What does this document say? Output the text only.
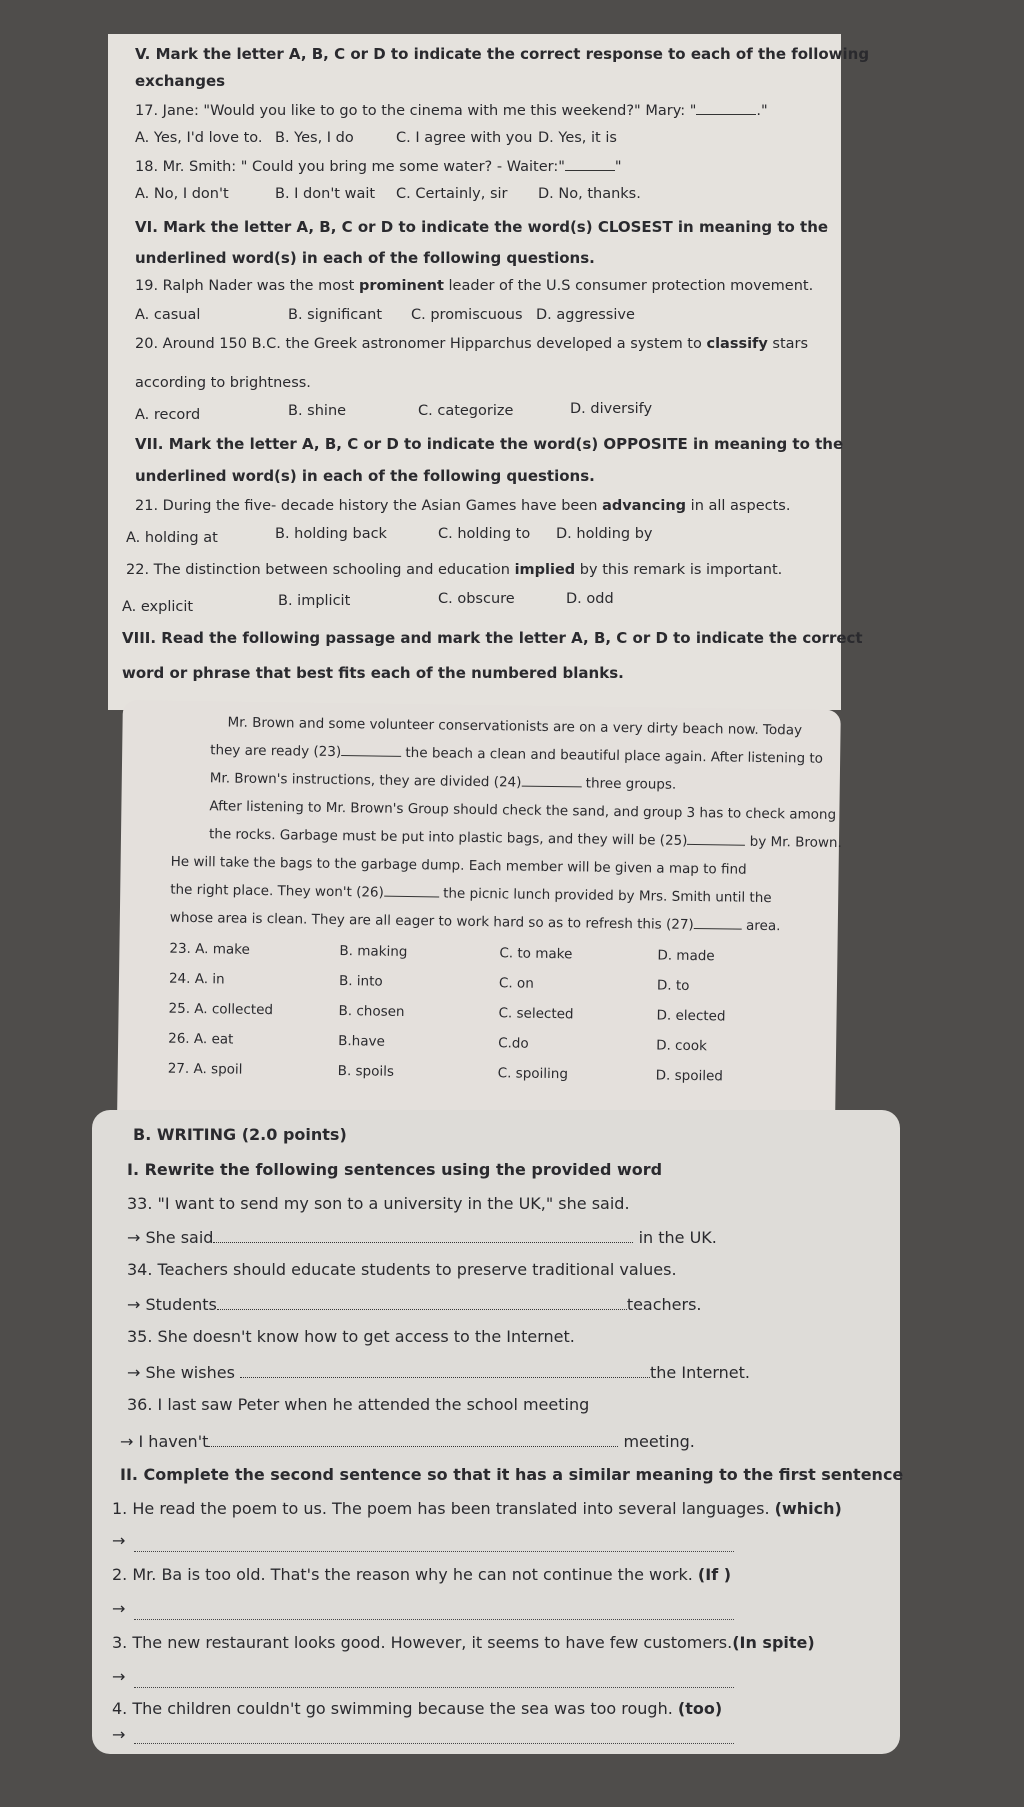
V. Mark the letter A, B, C or D to indicate the correct response to each of the following
exchanges
17. Jane: "Would you like to go to the cinema with me this weekend?" Mary: "	."
A. Yes, I'd love to. B. Yes, I do	C. I agree with you D. Yes, it is
18. Mr. Smith: " Could you bring me some water? - Waiter:"	"
A. No, I don't	B. I don't wait C. Certainly, sir D. No, thanks.
VI. Mark the letter A, B, C or D to indicate the word(s) CLOSEST in meaning to the
underlined word(s) in each of the following questions.
19. Ralph Nader was the most prominent leader of the U.S consumer protection movement.
A. casual	B. significant C. promiscuous D. aggressive
20. Around 150 B.C. the Greek astronomer Hipparchus developed a system to classify stars
according to brightness.
A. record	B. shine	C. categorize	D. diversify
VII. Mark the letter A, B, C or D to indicate the word(s) OPPOSITE in meaning to the
underlined word(s) in each of the following questions.
21. During the five- decade history the Asian Games have been advancing in all aspects.
A. holding at	B. holding back	C. holding to D. holding by
22. The distinction between schooling and education implied by this remark is important.
A. explicit	B. implicit	C. obscure	D. odd
VIII. Read the following passage and mark the letter A, B, C or D to indicate the correct
word or phrase that best fits each of the numbered blanks.
Mr. Brown and some volunteer conservationists are on a very dirty beach now. Today
they are ready (23)	the beach a clean and beautiful place again. After listening to
Mr. Brown's instructions, they are divided (24)	three groups.
After listening to Mr. Brown's Group should check the sand, and group 3 has to check among
the rocks. Garbage must be put into plastic bags, and they will be (25)	by Mr. Brown.
He will take the bags to the garbage dump. Each member will be given a map to find
the right place. They won't (26)	the picnic lunch provided by Mrs. Smith until the
whose area is clean. They are all eager to work hard so as to refresh this (27)	area.
23. A. make	B. making	C. to make	D. made
24. A. in	B. into	C. on	D. to
25. A. collected	B. chosen	C. selected	D. elected
26. A. eat	B.have	C.do	D. cook
27. A. spoil	B. spoils	C. spoiling	D. spoiled
B. WRITING (2.0 points)
I. Rewrite the following sentences using the provided word
33. "I want to send my son to a university in the UK," she said.
→ She said	in the UK.
34. Teachers should educate students to preserve traditional values.
→ Students	teachers.
35. She doesn't know how to get access to the Internet.
→ She wishes	the Internet.
36. I last saw Peter when he attended the school meeting
→ I haven't	meeting.
II. Complete the second sentence so that it has a similar meaning to the first sentence
1. He read the poem to us. The poem has been translated into several languages. (which)
→
2. Mr. Ba is too old. That's the reason why he can not continue the work. (If )
→
3. The new restaurant looks good. However, it seems to have few customers.(In spite)
→
4. The children couldn't go swimming because the sea was too rough. (too)
→
